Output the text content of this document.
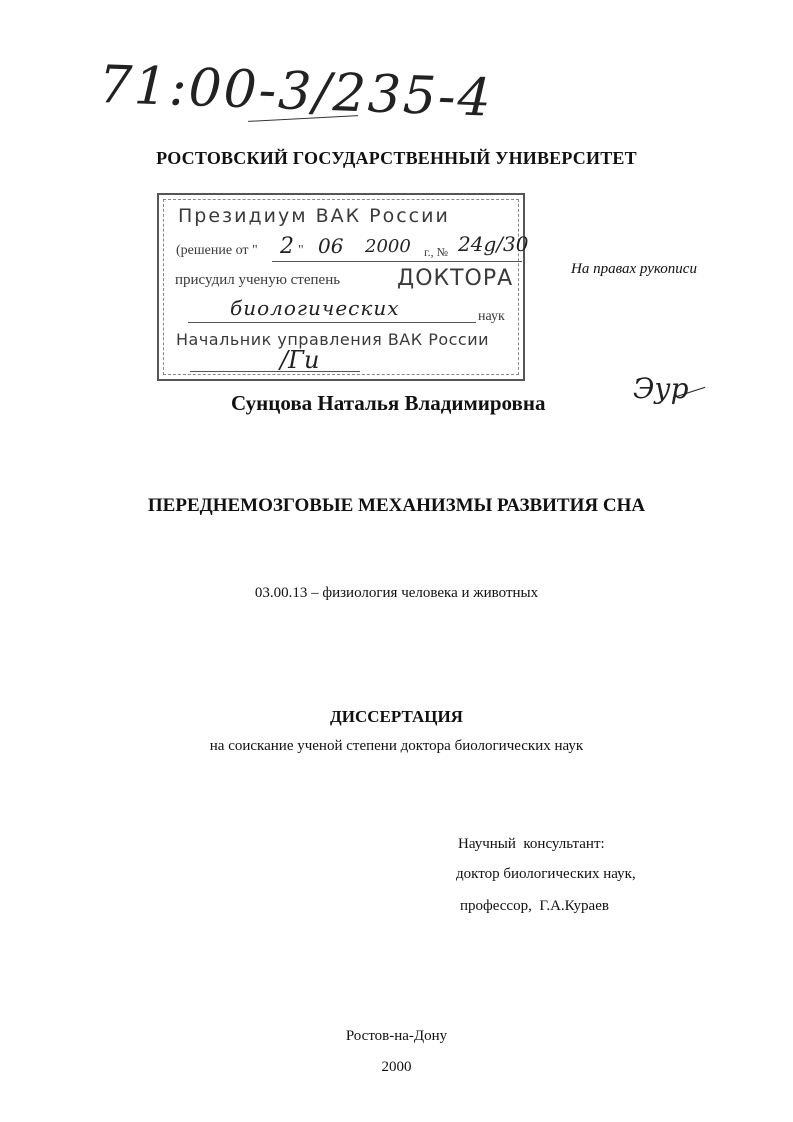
71:00-3/235-4
РОСТОВСКИЙ ГОСУДАРСТВЕННЫЙ УНИВЕРСИТЕТ
Президиум ВАК России
(решение от " 2 " 06 2000 г., № 24g/30
присудил ученую степень	ДОКТОРА
биологических	наук
Начальник управления ВАК России
/Ги
На правах рукописи
Сунцова Наталья Владимировна	Эур
ПЕРЕДНЕМОЗГОВЫЕ МЕХАНИЗМЫ РАЗВИТИЯ СНА
03.00.13 – физиология человека и животных
ДИССЕРТАЦИЯ
на соискание ученой степени доктора биологических наук
Научный  консультант:
доктор биологических наук,
профессор,  Г.А.Кураев
Ростов-на-Дону
2000
